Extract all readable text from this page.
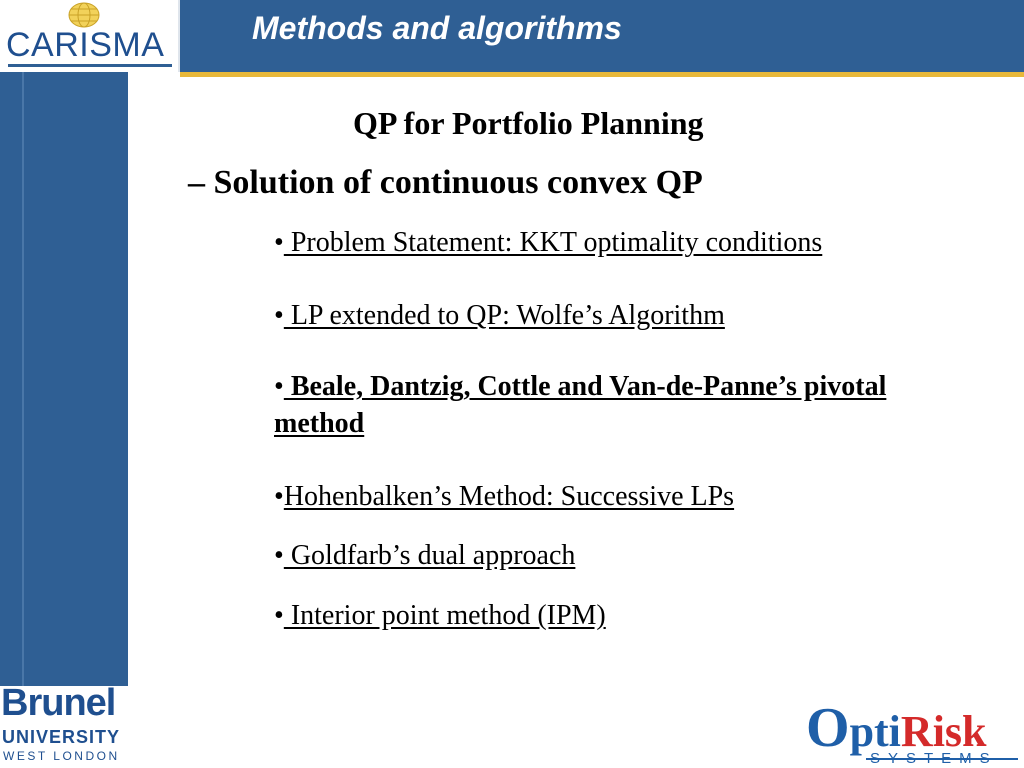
Methods and algorithms
CARISMA
Brunel
UNIVERSITY
WEST LONDON	OptiRisk
SYSTEMS
QP for Portfolio Planning
– Solution of continuous convex QP
• Problem Statement: KKT optimality conditions
• LP extended to QP: Wolfe’s Algorithm
• Beale, Dantzig, Cottle and Van-de-Panne’s pivotal method
•Hohenbalken’s Method: Successive LPs
• Goldfarb’s dual approach
• Interior point method (IPM)
